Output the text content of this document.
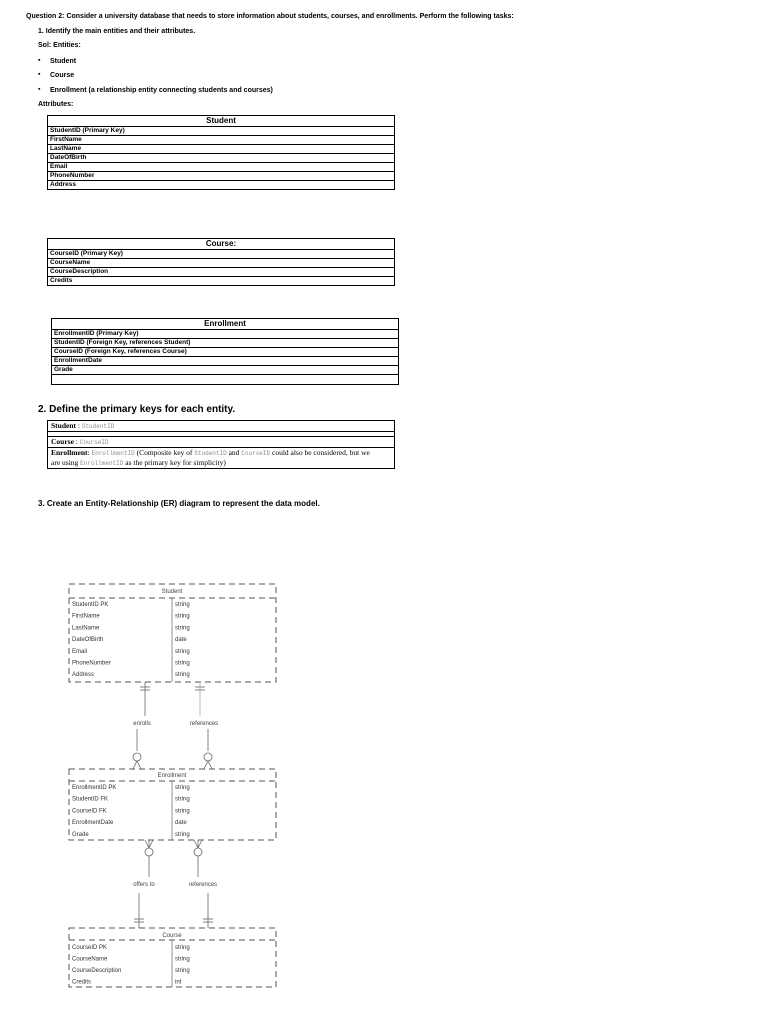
Question 2: Consider a university database that needs to store information about students, courses, and enrollments. Perform the following tasks:
1. Identify the main entities and their attributes.
Sol: Entities:
▪ Student
▪ Course
▪ Enrollment (a relationship entity connecting students and courses)
Attributes:
Student
StudentID (Primary Key)
FirstName
LastName
DateOfBirth
Email
PhoneNumber
Address
Course:
CourseID (Primary Key)
CourseName
CourseDescription
Credits
Enrollment
EnrollmentID (Primary Key)
StudentID (Foreign Key, references Student)
CourseID (Foreign Key, references Course)
EnrollmentDate
Grade

2. Define the primary keys for each entity.
Student : StudentID

Course : CourseID
Enrollment: EnrollmentID (Composite key of StudentID and CourseID could also be considered, but we
are using EnrollmentID as the primary key for simplicity)
3. Create an Entity-Relationship (ER) diagram to represent the data model.
Student
Enrollment
Course
enrolls	references
offers to	references
StudentID PK	string
FirstName	string
LastName	string
DateOfBirth	date
Email	string
PhoneNumber	string
Address	string
EnrollmentID PK	string
StudentID FK	string
CourseID FK	string
EnrollmentDate	date
Grade	string
CourseID PK	string
CourseName	string
CourseDescription	string
Credits	int
